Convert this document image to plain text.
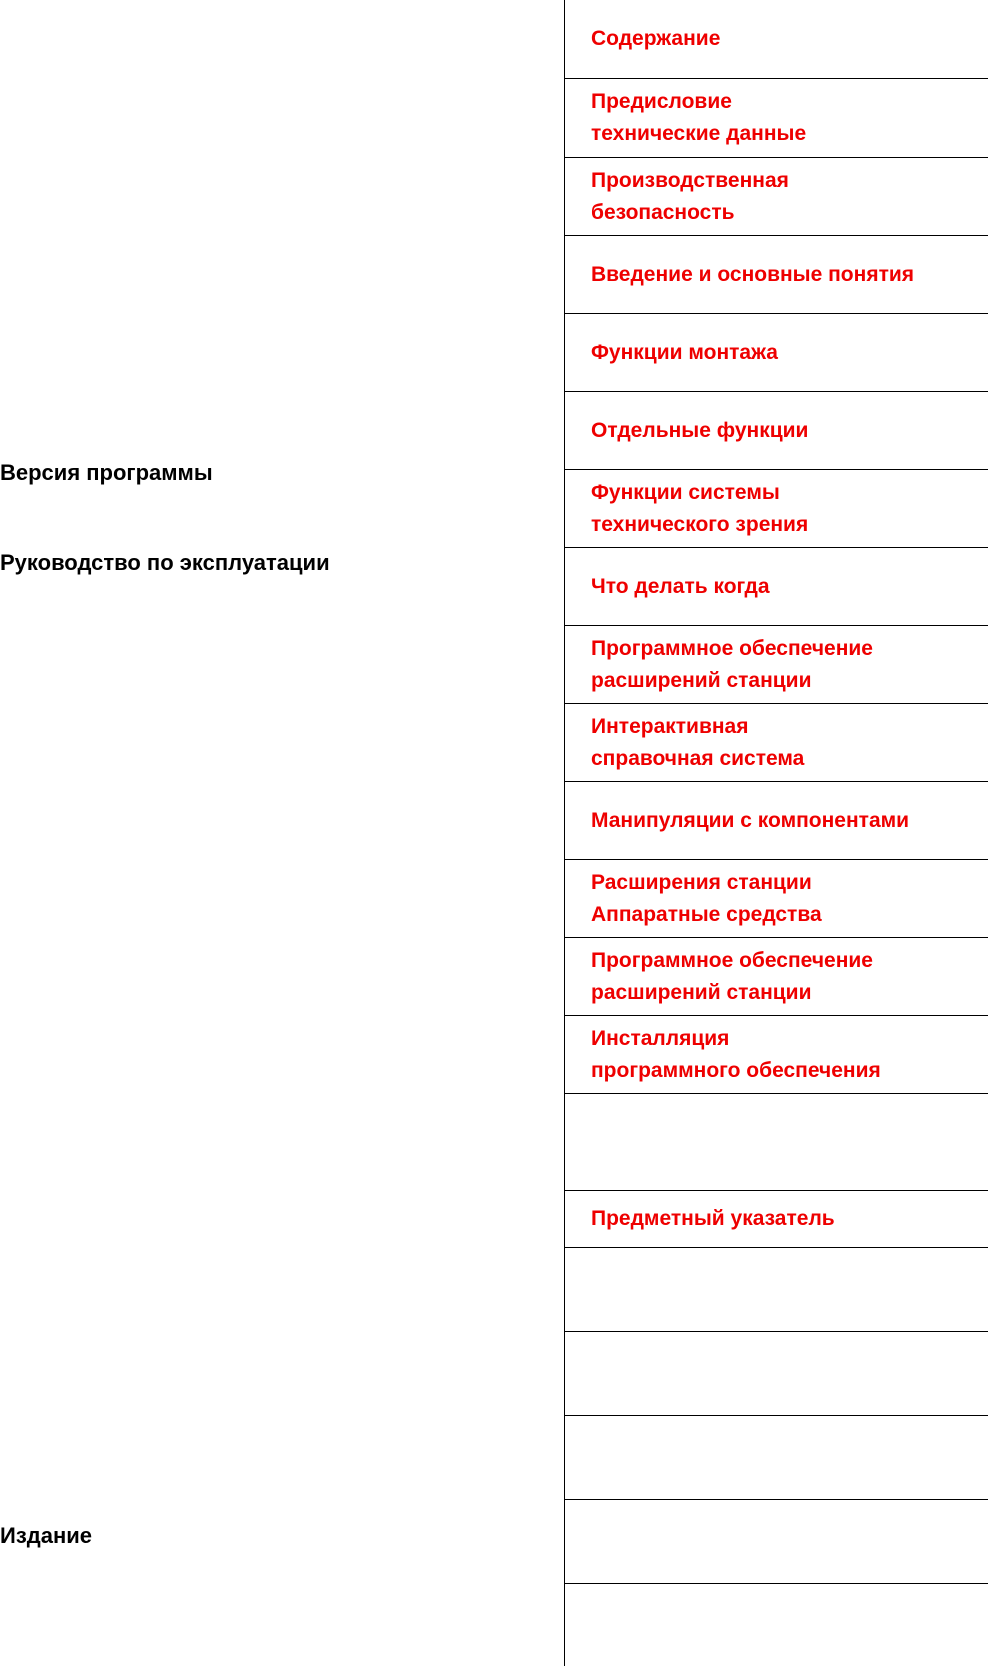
Версия программы
Руководство по эксплуатации
Издание
Содержание
Предисловие
технические данные
Производственная
безопасность
Введение и основные понятия
Функции монтажа
Отдельные функции
Функции системы
технического зрения
Что делать когда
Программное обеспечение
расширений станции
Интерактивная
справочная система
Манипуляции с компонентами
Расширения станции
Аппаратные средства
Программное обеспечение
расширений станции
Инсталляция
программного обеспечения
Предметный указатель
